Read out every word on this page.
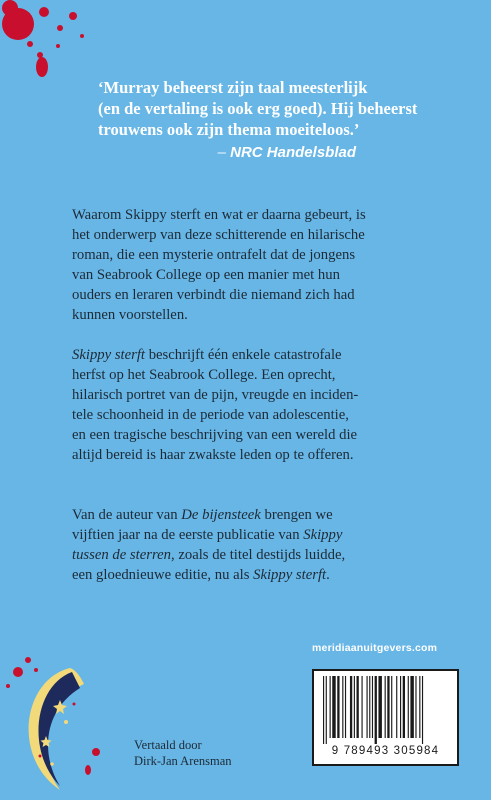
‘Murray beheerst zijn taal meesterlijk
(en de vertaling is ook erg goed). Hij beheerst
trouwens ook zijn thema moeiteloos.’
– NRC Handelsblad
Waarom Skippy sterft en wat er daarna gebeurt, is
het onderwerp van deze schitterende en hilarische
roman, die een mysterie ontrafelt dat de jongens
van Seabrook College op een manier met hun
ouders en leraren verbindt die niemand zich had
kunnen voorstellen.
Skippy sterft beschrijft één enkele catastrofale
herfst op het Seabrook College. Een oprecht,
hilarisch portret van de pijn, vreugde en inciden-
tele schoonheid in de periode van adolescentie,
en een tragische beschrijving van een wereld die
altijd bereid is haar zwakste leden op te offeren.
Van de auteur van De bijensteek brengen we
vijftien jaar na de eerste publicatie van Skippy
tussen de sterren, zoals de titel destijds luidde,
een gloednieuwe editie, nu als Skippy sterft.
Vertaald door
Dirk-Jan Arensman
meridiaanuitgevers.com
9 789493 305984
